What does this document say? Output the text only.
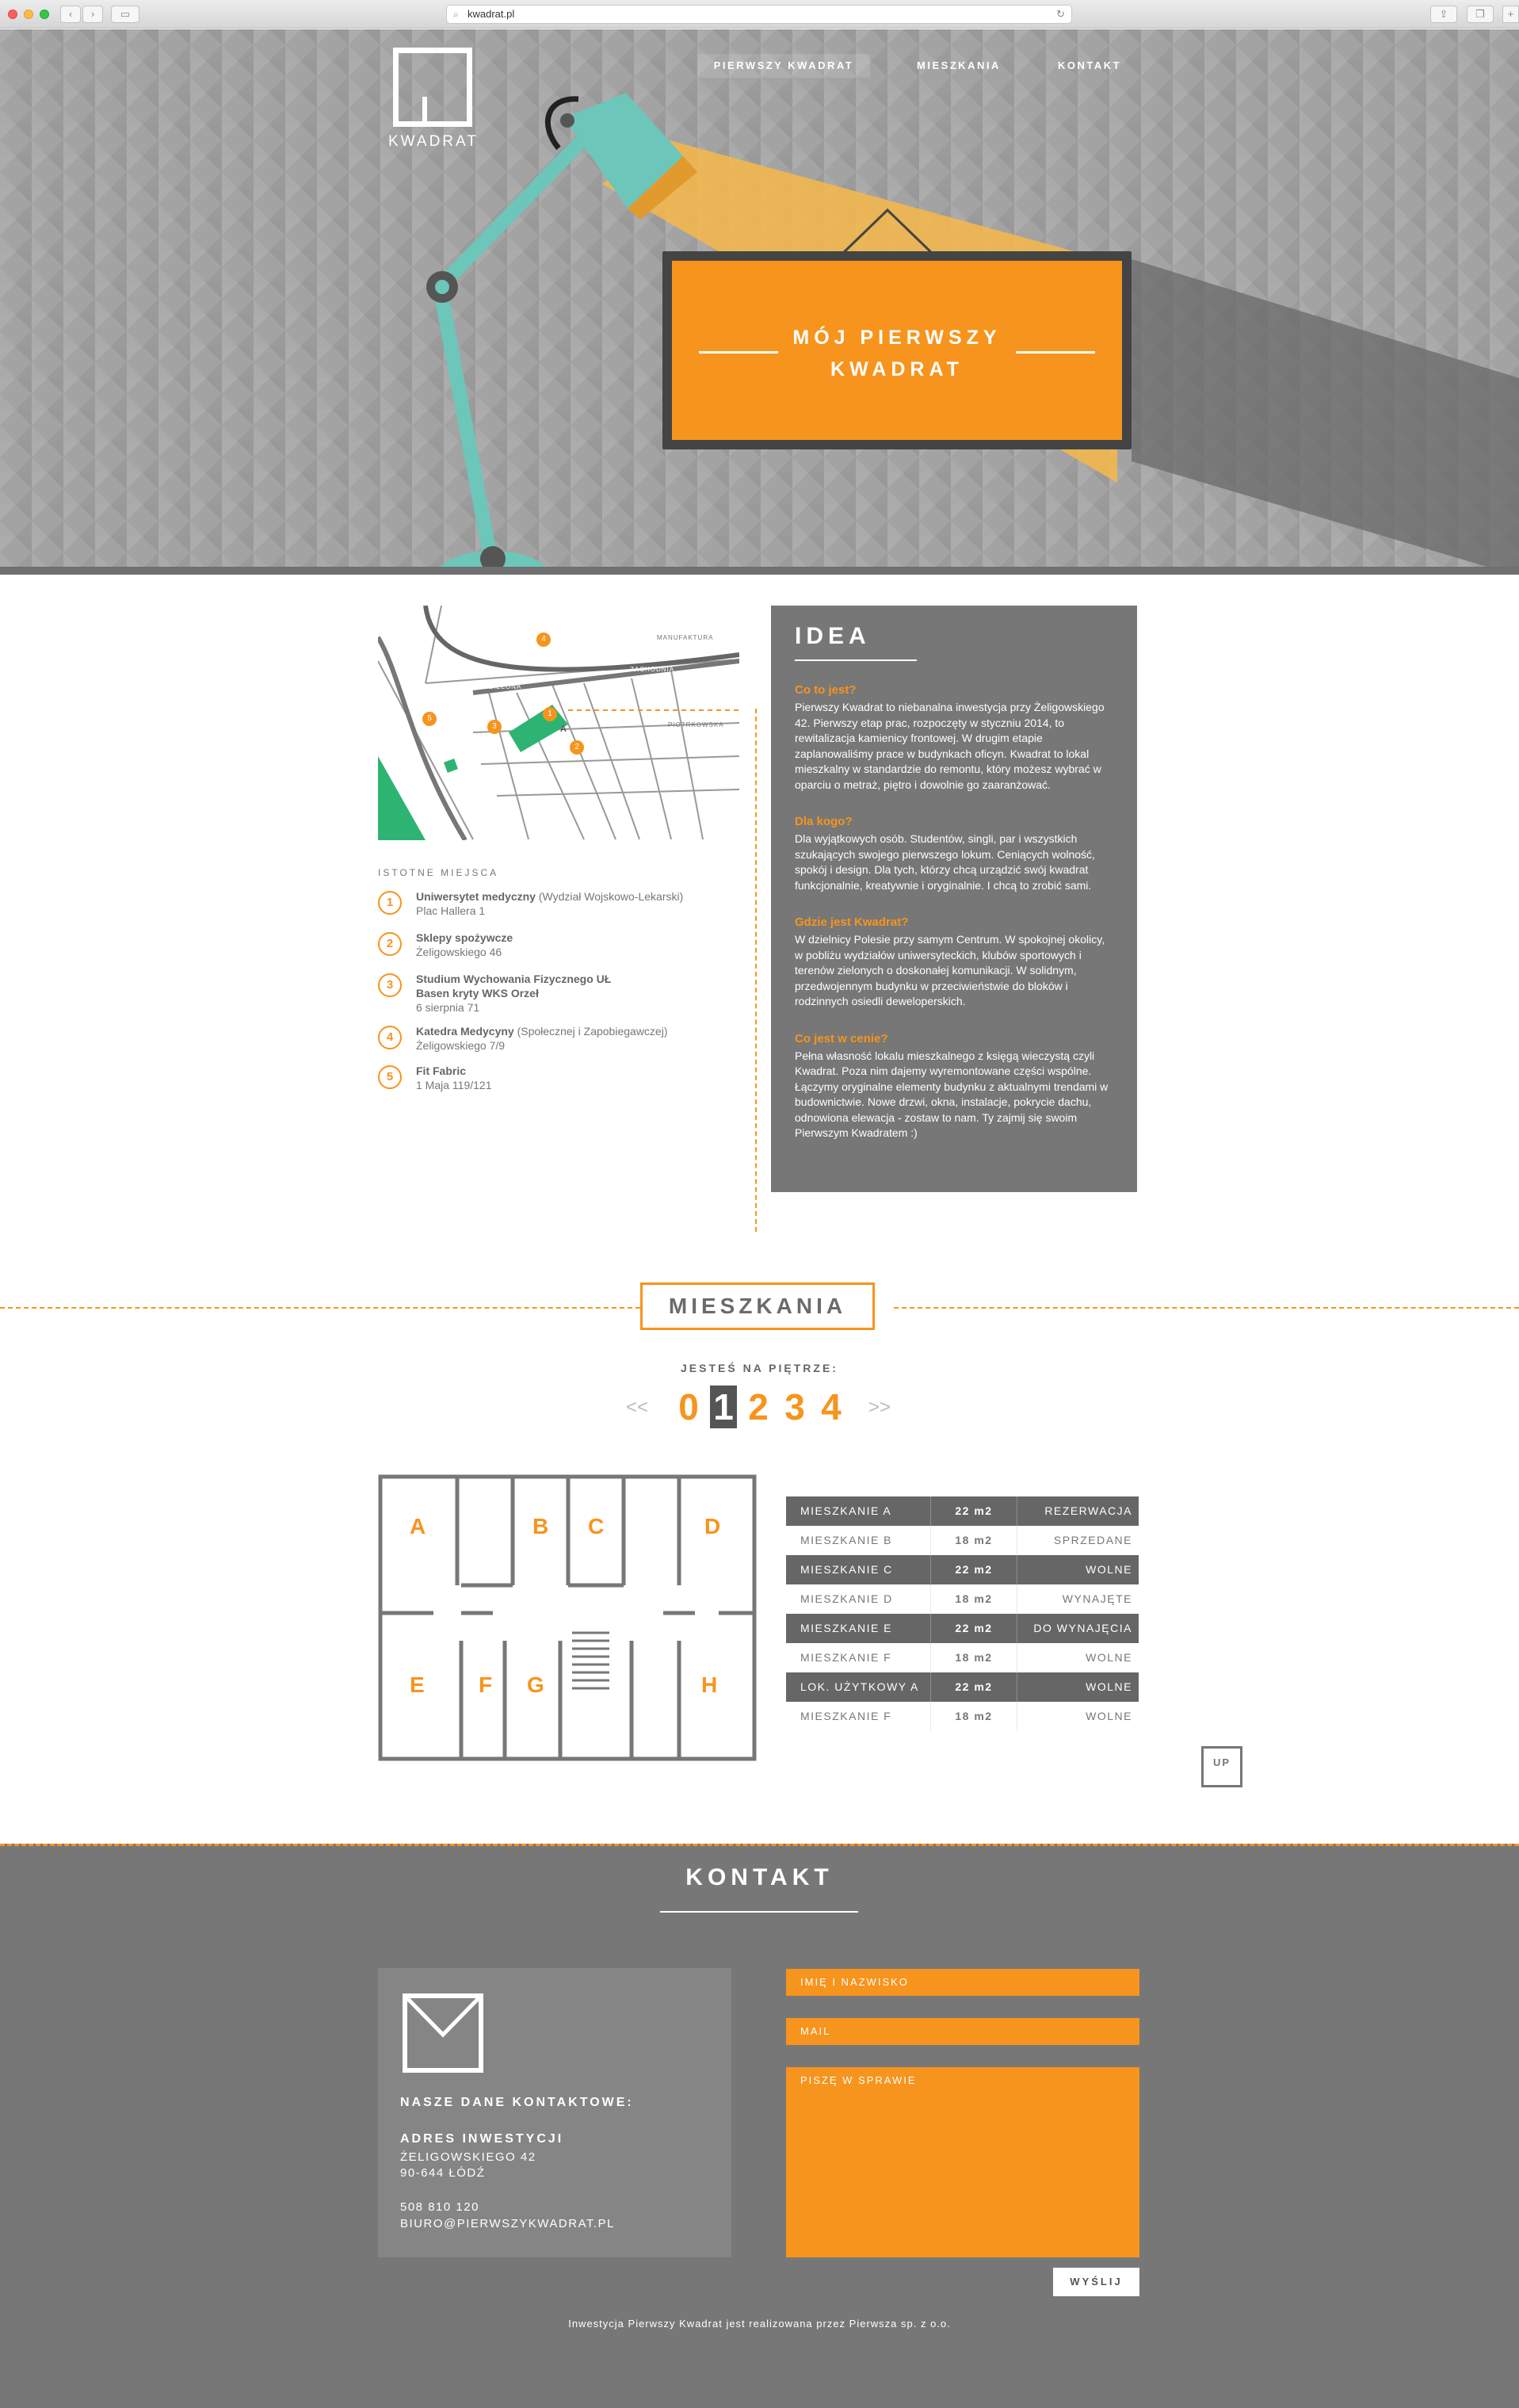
‹	›	▭	⌕ kwadrat.pl	↻	⇪	❐	+
KWADRAT
PIERWSZY KWADRAT	MIESZKANIA	KONTAKT
MÓJ PIERWSZY
KWADRAT
MANUFAKTURA
ZACHODNIA
PIOTRKOWSKA
ZIELONA
4
5
3
1
2
A
ISTOTNE MIEJSCA
1	Uniwersytet medyczny (Wydział Wojskowo-Lekarski)
Plac Hallera 1
2	Sklepy spożywcze
Żeligowskiego 46
3	Studium Wychowania Fizycznego UŁ
Basen kryty WKS Orzeł
6 sierpnia 71
4	Katedra Medycyny (Społecznej i Zapobiegawczej)
Żeligowskiego 7/9
5	Fit Fabric
1 Maja 119/121
IDEA
Co to jest?
Pierwszy Kwadrat to niebanalna inwestycja przy Żeligowskiego 42. Pierwszy etap prac, rozpoczęty w styczniu 2014, to rewitalizacja kamienicy frontowej. W drugim etapie zaplanowaliśmy prace w budynkach oficyn. Kwadrat to lokal mieszkalny w standardzie do remontu, który możesz wybrać w oparciu o metraż, piętro i dowolnie go zaaranżować.
Dla kogo?
Dla wyjątkowych osób. Studentów, singli, par i wszystkich szukających swojego pierwszego lokum. Ceniących wolność, spokój i design. Dla tych, którzy chcą urządzić swój kwadrat funkcjonalnie, kreatywnie i oryginalnie. I chcą to zrobić sami.
Gdzie jest Kwadrat?
W dzielnicy Polesie przy samym Centrum. W spokojnej okolicy, w pobliżu wydziałów uniwersyteckich, klubów sportowych i terenów zielonych o doskonałej komunikacji. W solidnym, przedwojennym budynku w przeciwieństwie do bloków i rodzinnych osiedli deweloperskich.
Co jest w cenie?
Pełna własność lokalu mieszkalnego z księgą wieczystą czyli Kwadrat. Poza nim dajemy wyremontowane części wspólne. Łączymy oryginalne elementy budynku z aktualnymi trendami w budownictwie. Nowe drzwi, okna, instalacje, pokrycie dachu, odnowiona elewacja - zostaw to nam. Ty zajmij się swoim Pierwszym Kwadratem :)
MIESZKANIA
JESTEŚ NA PIĘTRZE:
<< 0 1 2 3 4 >>
A	B C	D
E F G	H
MIESZKANIE A	22 m2	REZERWACJA
MIESZKANIE B	18 m2	SPRZEDANE
MIESZKANIE C	22 m2	WOLNE
MIESZKANIE D	18 m2	WYNAJĘTE
MIESZKANIE E	22 m2	DO WYNAJĘCIA
MIESZKANIE F	18 m2	WOLNE
LOK. UŻYTKOWY A	22 m2	WOLNE
MIESZKANIE F	18 m2	WOLNE
UP
KONTAKT
NASZE DANE KONTAKTOWE:
ADRES INWESTYCJI
ŻELIGOWSKIEGO 42
90-644 ŁÓDŹ
508 810 120
BIURO@PIERWSZYKWADRAT.PL
IMIĘ I NAZWISKO
MAIL
PISZĘ W SPRAWIE
WYŚLIJ
Inwestycja Pierwszy Kwadrat jest realizowana przez Pierwsza sp. z o.o.
